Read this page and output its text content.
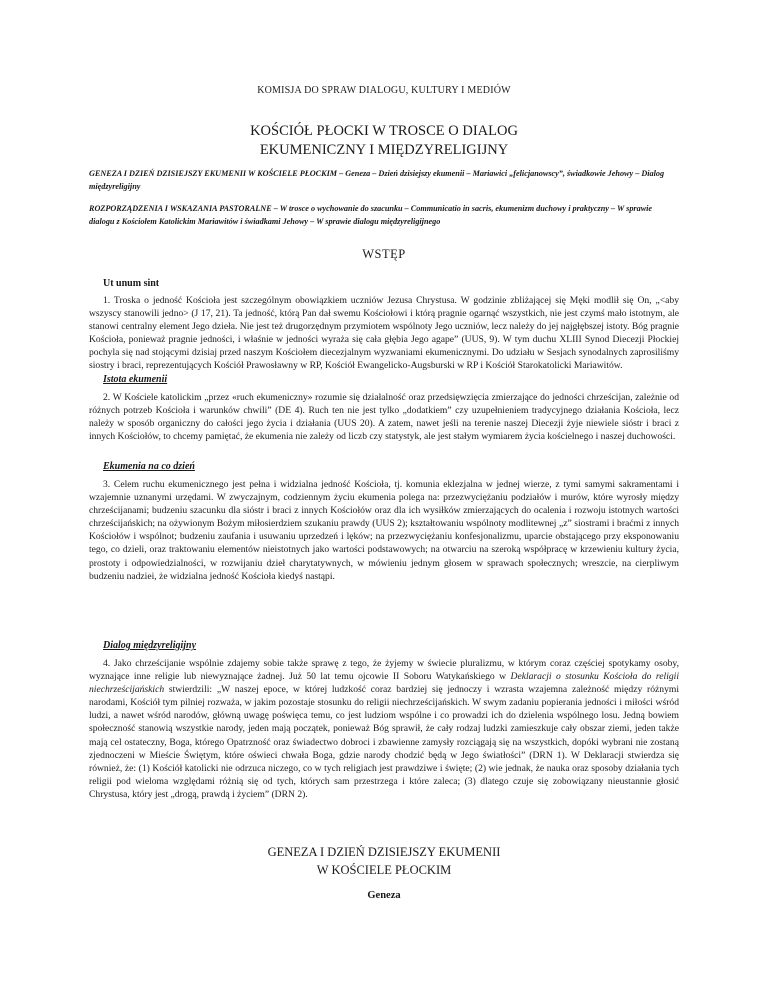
KOMISJA DO SPRAW DIALOGU, KULTURY I MEDIÓW
KOŚCIÓŁ PŁOCKI W TROSCE O DIALOG
EKUMENICZNY I MIĘDZYRELIGIJNY
GENEZA I DZIEŃ DZISIEJSZY EKUMENII W KOŚCIELE PŁOCKIM – Geneza – Dzień dzisiejszy ekumenii – Mariawici „felicjanowscy”, świadkowie Jehowy – Dialog międzyreligijny
ROZPORZĄDZENIA I WSKAZANIA PASTORALNE – W trosce o wychowanie do szacunku – Communicatio in sacris, ekumenizm duchowy i praktyczny – W sprawie dialogu z Kościołem Katolickim Mariawitów i świadkami Jehowy – W sprawie dialogu międzyreligijnego
WSTĘP
Ut unum sint
1. Troska o jedność Kościoła jest szczególnym obowiązkiem uczniów Jezusa Chrystusa. W godzinie zbliżającej się Męki modlił się On, „<aby wszyscy stanowili jedno> (J 17, 21). Ta jedność, którą Pan dał swemu Kościołowi i którą pragnie ogarnąć wszystkich, nie jest czymś mało istotnym, ale stanowi centralny element Jego dzieła. Nie jest też drugorzędnym przymiotem wspólnoty Jego uczniów, lecz należy do jej najgłębszej istoty. Bóg pragnie Kościoła, ponieważ pragnie jedności, i właśnie w jedności wyraża się cała głębia Jego agape” (UUS, 9). W tym duchu XLIII Synod Diecezji Płockiej pochyla się nad stojącymi dzisiaj przed naszym Kościołem diecezjalnym wyzwaniami ekumenicznymi. Do udziału w Sesjach synodalnych zaprosiliśmy siostry i braci, reprezentujących Kościół Prawosławny w RP, Kościół Ewangelicko-Augsburski w RP i Kościół Starokatolicki Mariawitów.
Istota ekumenii
2. W Kościele katolickim „przez «ruch ekumeniczny» rozumie się działalność oraz przedsięwzięcia zmierzające do jedności chrześcijan, zależnie od różnych potrzeb Kościoła i warunków chwili” (DE 4). Ruch ten nie jest tylko „dodatkiem” czy uzupełnieniem tradycyjnego działania Kościoła, lecz należy w sposób organiczny do całości jego życia i działania (UUS 20). A zatem, nawet jeśli na terenie naszej Diecezji żyje niewiele sióstr i braci z innych Kościołów, to chcemy pamiętać, że ekumenia nie zależy od liczb czy statystyk, ale jest stałym wymiarem życia kościelnego i naszej duchowości.
Ekumenia na co dzień
3. Celem ruchu ekumenicznego jest pełna i widzialna jedność Kościoła, tj. komunia eklezjalna w jednej wierze, z tymi samymi sakramentami i wzajemnie uznanymi urzędami. W zwyczajnym, codziennym życiu ekumenia polega na: przezwyciężaniu podziałów i murów, które wyrosły między chrześcijanami; budzeniu szacunku dla sióstr i braci z innych Kościołów oraz dla ich wysiłków zmierzających do ocalenia i rozwoju istotnych wartości chrześcijańskich; na ożywionym Bożym miłosierdziem szukaniu prawdy (UUS 2); kształtowaniu wspólnoty modlitewnej „z” siostrami i braćmi z innych Kościołów i wspólnot; budzeniu zaufania i usuwaniu uprzedzeń i lęków; na przezwyciężaniu konfesjonalizmu, uparcie obstającego przy eksponowaniu tego, co dzieli, oraz traktowaniu elementów nieistotnych jako wartości podstawowych; na otwarciu na szeroką współpracę w krzewieniu kultury życia, prostoty i odpowiedzialności, w rozwijaniu dzieł charytatywnych, w mówieniu jednym głosem w sprawach społecznych; wreszcie, na cierpliwym budzeniu nadziei, że widzialna jedność Kościoła kiedyś nastąpi.
Dialog międzyreligijny
4. Jako chrześcijanie wspólnie zdajemy sobie także sprawę z tego, że żyjemy w świecie pluralizmu, w którym coraz częściej spotykamy osoby, wyznające inne religie lub niewyznające żadnej. Już 50 lat temu ojcowie II Soboru Watykańskiego w Deklaracji o stosunku Kościoła do religii niechrześcijańskich stwierdzili: „W naszej epoce, w której ludzkość coraz bardziej się jednoczy i wzrasta wzajemna zależność między różnymi narodami, Kościół tym pilniej rozważa, w jakim pozostaje stosunku do religii niechrześcijańskich. W swym zadaniu popierania jedności i miłości wśród ludzi, a nawet wśród narodów, główną uwagę poświęca temu, co jest ludziom wspólne i co prowadzi ich do dzielenia wspólnego losu. Jedną bowiem społeczność stanowią wszystkie narody, jeden mają początek, ponieważ Bóg sprawił, że cały rodzaj ludzki zamieszkuje cały obszar ziemi, jeden także mają cel ostateczny, Boga, którego Opatrzność oraz świadectwo dobroci i zbawienne zamysły rozciągają się na wszystkich, dopóki wybrani nie zostaną zjednoczeni w Mieście Świętym, które oświeci chwała Boga, gdzie narody chodzić będą w Jego światłości” (DRN 1). W Deklaracji stwierdza się również, że: (1) Kościół katolicki nie odrzuca niczego, co w tych religiach jest prawdziwe i święte; (2) wie jednak, że nauka oraz sposoby działania tych religii pod wieloma względami różnią się od tych, których sam przestrzega i które zaleca; (3) dlatego czuje się zobowiązany nieustannie głosić Chrystusa, który jest „drogą, prawdą i życiem” (DRN 2).
GENEZA I DZIEŃ DZISIEJSZY EKUMENII
W KOŚCIELE PŁOCKIM
Geneza
